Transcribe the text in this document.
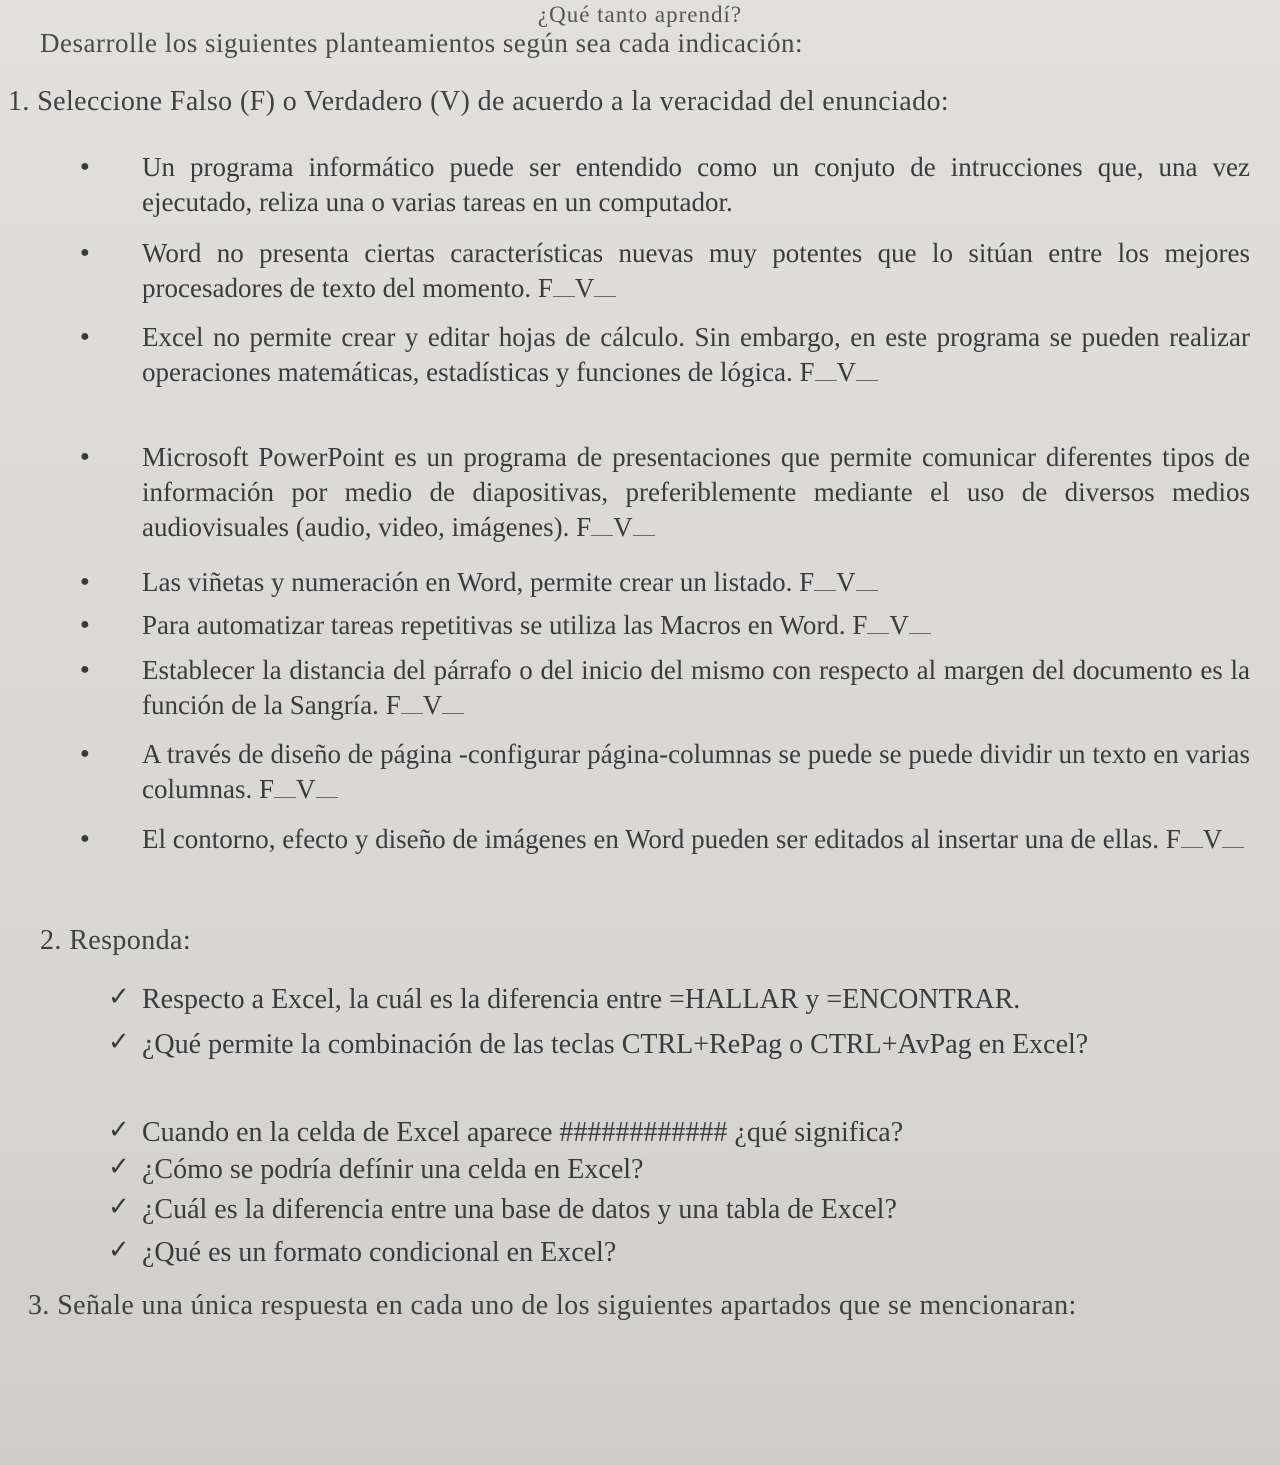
¿Qué tanto aprendí?
Desarrolle los siguientes planteamientos según sea cada indicación:
1. Seleccione Falso (F) o Verdadero (V) de acuerdo a la veracidad del enunciado:
● Un programa informático puede ser entendido como un conjuto de intrucciones que, una vez ejecutado, reliza una o varias tareas en un computador.
● Word no presenta ciertas características nuevas muy potentes que lo sitúan entre los mejores procesadores de texto del momento. F V
● Excel no permite crear y editar hojas de cálculo. Sin embargo, en este programa se pueden realizar operaciones matemáticas, estadísticas y funciones de lógica. F V
● Microsoft PowerPoint es un programa de presentaciones que permite comunicar diferentes tipos de información por medio de diapositivas, preferiblemente mediante el uso de diversos medios audiovisuales (audio, video, imágenes). F V
● Las viñetas y numeración en Word, permite crear un listado. F V
● Para automatizar tareas repetitivas se utiliza las Macros en Word. F V
● Establecer la distancia del párrafo o del inicio del mismo con respecto al margen del documento es la función de la Sangría. F V
● A través de diseño de página -configurar página-columnas se puede se puede dividir un texto en varias columnas. F V
● El contorno, efecto y diseño de imágenes en Word pueden ser editados al insertar una de ellas. F V
2. Responda:
✓ Respecto a Excel, la cuál es la diferencia entre =HALLAR y =ENCONTRAR.
✓ ¿Qué permite la combinación de las teclas CTRL+RePag o CTRL+AvPag en Excel?
✓ Cuando en la celda de Excel aparece ############ ¿qué significa?
✓ ¿Cómo se podría defínir una celda en Excel?
✓ ¿Cuál es la diferencia entre una base de datos y una tabla de Excel?
✓ ¿Qué es un formato condicional en Excel?
3. Señale una única respuesta en cada uno de los siguientes apartados que se mencionaran:
